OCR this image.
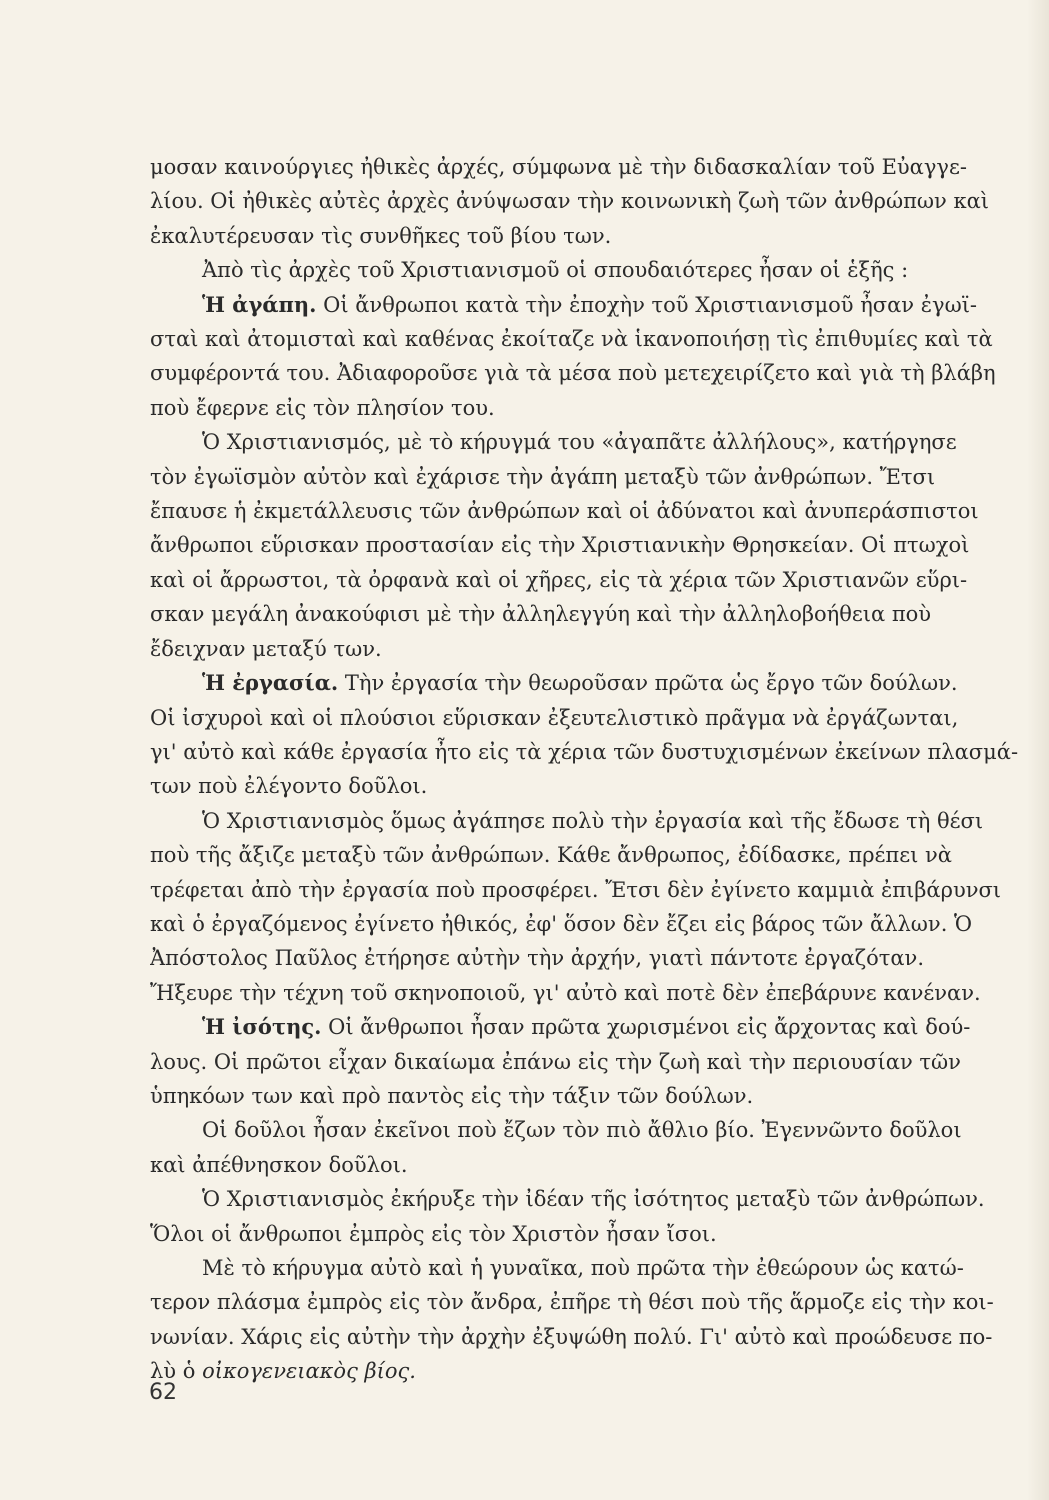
μοσαν καινούργιες ἠθικὲς ἀρχές, σύμφωνα μὲ τὴν διδασκαλίαν τοῦ Εὐαγγε-
λίου. Οἱ ἠθικὲς αὐτὲς ἀρχὲς ἀνύψωσαν τὴν κοινωνικὴ ζωὴ τῶν ἀνθρώπων καὶ
ἐκαλυτέρευσαν τὶς συνθῆκες τοῦ βίου των.
Ἀπὸ τὶς ἀρχὲς τοῦ Χριστιανισμοῦ οἱ σπουδαιότερες ἦσαν οἱ ἑξῆς :
Ἡ ἀγάπη. Οἱ ἄνθρωποι κατὰ τὴν ἐποχὴν τοῦ Χριστιανισμοῦ ἦσαν ἐγωϊ-
σταὶ καὶ ἀτομισταὶ καὶ καθένας ἐκοίταζε νὰ ἱκανοποιήσῃ τὶς ἐπιθυμίες καὶ τὰ
συμφέροντά του. Ἀδιαφοροῦσε γιὰ τὰ μέσα ποὺ μετεχειρίζετο καὶ γιὰ τὴ βλάβη
ποὺ ἔφερνε εἰς τὸν πλησίον του.
Ὁ Χριστιανισμός, μὲ τὸ κήρυγμά του «ἀγαπᾶτε ἀλλήλους», κατήργησε
τὸν ἐγωϊσμὸν αὐτὸν καὶ ἐχάρισε τὴν ἀγάπη μεταξὺ τῶν ἀνθρώπων. Ἔτσι
ἔπαυσε ἡ ἐκμετάλλευσις τῶν ἀνθρώπων καὶ οἱ ἀδύνατοι καὶ ἀνυπεράσπιστοι
ἄνθρωποι εὕρισκαν προστασίαν εἰς τὴν Χριστιανικὴν Θρησκείαν. Οἱ πτωχοὶ
καὶ οἱ ἄρρωστοι, τὰ ὀρφανὰ καὶ οἱ χῆρες, εἰς τὰ χέρια τῶν Χριστιανῶν εὕρι-
σκαν μεγάλη ἀνακούφισι μὲ τὴν ἀλληλεγγύη καὶ τὴν ἀλληλοβοήθεια ποὺ
ἔδειχναν μεταξύ των.
Ἡ ἐργασία. Τὴν ἐργασία τὴν θεωροῦσαν πρῶτα ὡς ἔργο τῶν δούλων.
Οἱ ἰσχυροὶ καὶ οἱ πλούσιοι εὕρισκαν ἐξευτελιστικὸ πρᾶγμα νὰ ἐργάζωνται,
γι' αὐτὸ καὶ κάθε ἐργασία ἦτο εἰς τὰ χέρια τῶν δυστυχισμένων ἐκείνων πλασμά-
των ποὺ ἐλέγοντο δοῦλοι.
Ὁ Χριστιανισμὸς ὅμως ἀγάπησε πολὺ τὴν ἐργασία καὶ τῆς ἔδωσε τὴ θέσι
ποὺ τῆς ἄξιζε μεταξὺ τῶν ἀνθρώπων. Κάθε ἄνθρωπος, ἐδίδασκε, πρέπει νὰ
τρέφεται ἀπὸ τὴν ἐργασία ποὺ προσφέρει. Ἔτσι δὲν ἐγίνετο καμμιὰ ἐπιβάρυνσι
καὶ ὁ ἐργαζόμενος ἐγίνετο ἠθικός, ἐφ' ὅσον δὲν ἔζει εἰς βάρος τῶν ἄλλων. Ὁ
Ἀπόστολος Παῦλος ἐτήρησε αὐτὴν τὴν ἀρχήν, γιατὶ πάντοτε ἐργαζόταν.
Ἤξευρε τὴν τέχνη τοῦ σκηνοποιοῦ, γι' αὐτὸ καὶ ποτὲ δὲν ἐπεβάρυνε κανέναν.
Ἡ ἰσότης. Οἱ ἄνθρωποι ἦσαν πρῶτα χωρισμένοι εἰς ἄρχοντας καὶ δού-
λους. Οἱ πρῶτοι εἶχαν δικαίωμα ἐπάνω εἰς τὴν ζωὴ καὶ τὴν περιουσίαν τῶν
ὑπηκόων των καὶ πρὸ παντὸς εἰς τὴν τάξιν τῶν δούλων.
Οἱ δοῦλοι ἦσαν ἐκεῖνοι ποὺ ἔζων τὸν πιὸ ἄθλιο βίο. Ἐγεννῶντο δοῦλοι
καὶ ἀπέθνησκον δοῦλοι.
Ὁ Χριστιανισμὸς ἐκήρυξε τὴν ἰδέαν τῆς ἰσότητος μεταξὺ τῶν ἀνθρώπων.
Ὅλοι οἱ ἄνθρωποι ἐμπρὸς εἰς τὸν Χριστὸν ἦσαν ἴσοι.
Μὲ τὸ κήρυγμα αὐτὸ καὶ ἡ γυναῖκα, ποὺ πρῶτα τὴν ἐθεώρουν ὡς κατώ-
τερον πλάσμα ἐμπρὸς εἰς τὸν ἄνδρα, ἐπῆρε τὴ θέσι ποὺ τῆς ἅρμοζε εἰς τὴν κοι-
νωνίαν. Χάρις εἰς αὐτὴν τὴν ἀρχὴν ἐξυψώθη πολύ. Γι' αὐτὸ καὶ προώδευσε πο-
λὺ ὁ οἰκογενειακὸς βίος.
62
